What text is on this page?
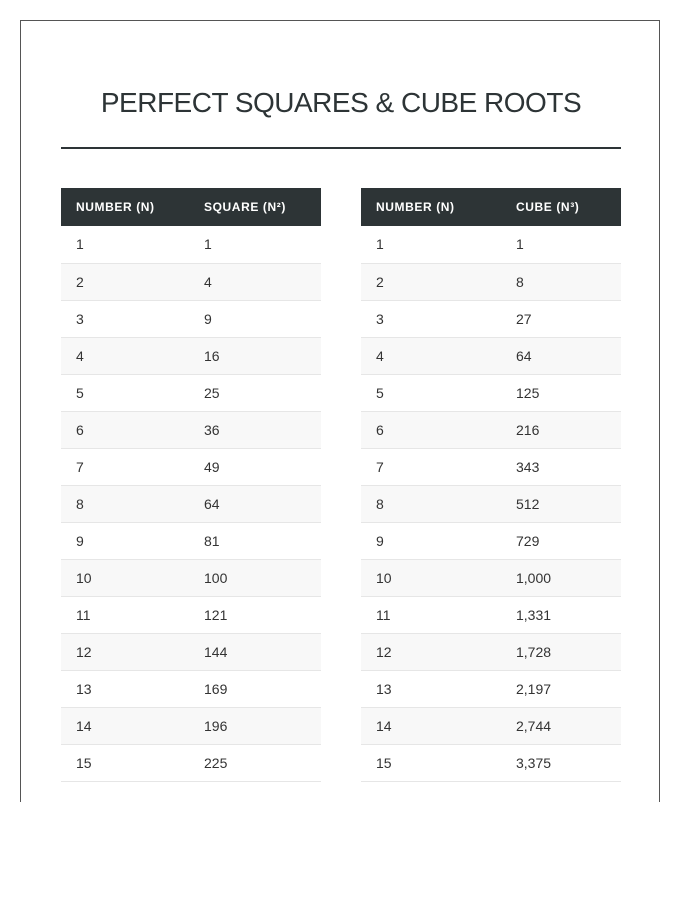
PERFECT SQUARES & CUBE ROOTS
NUMBER (N)	SQUARE (N²)
1	1
2	4
3	9
4	16
5	25
6	36
7	49
8	64
9	81
10	100
11	121
12	144
13	169
14	196
15	225
NUMBER (N)	CUBE (N³)
1	1
2	8
3	27
4	64
5	125
6	216
7	343
8	512
9	729
10	1,000
11	1,331
12	1,728
13	2,197
14	2,744
15	3,375
